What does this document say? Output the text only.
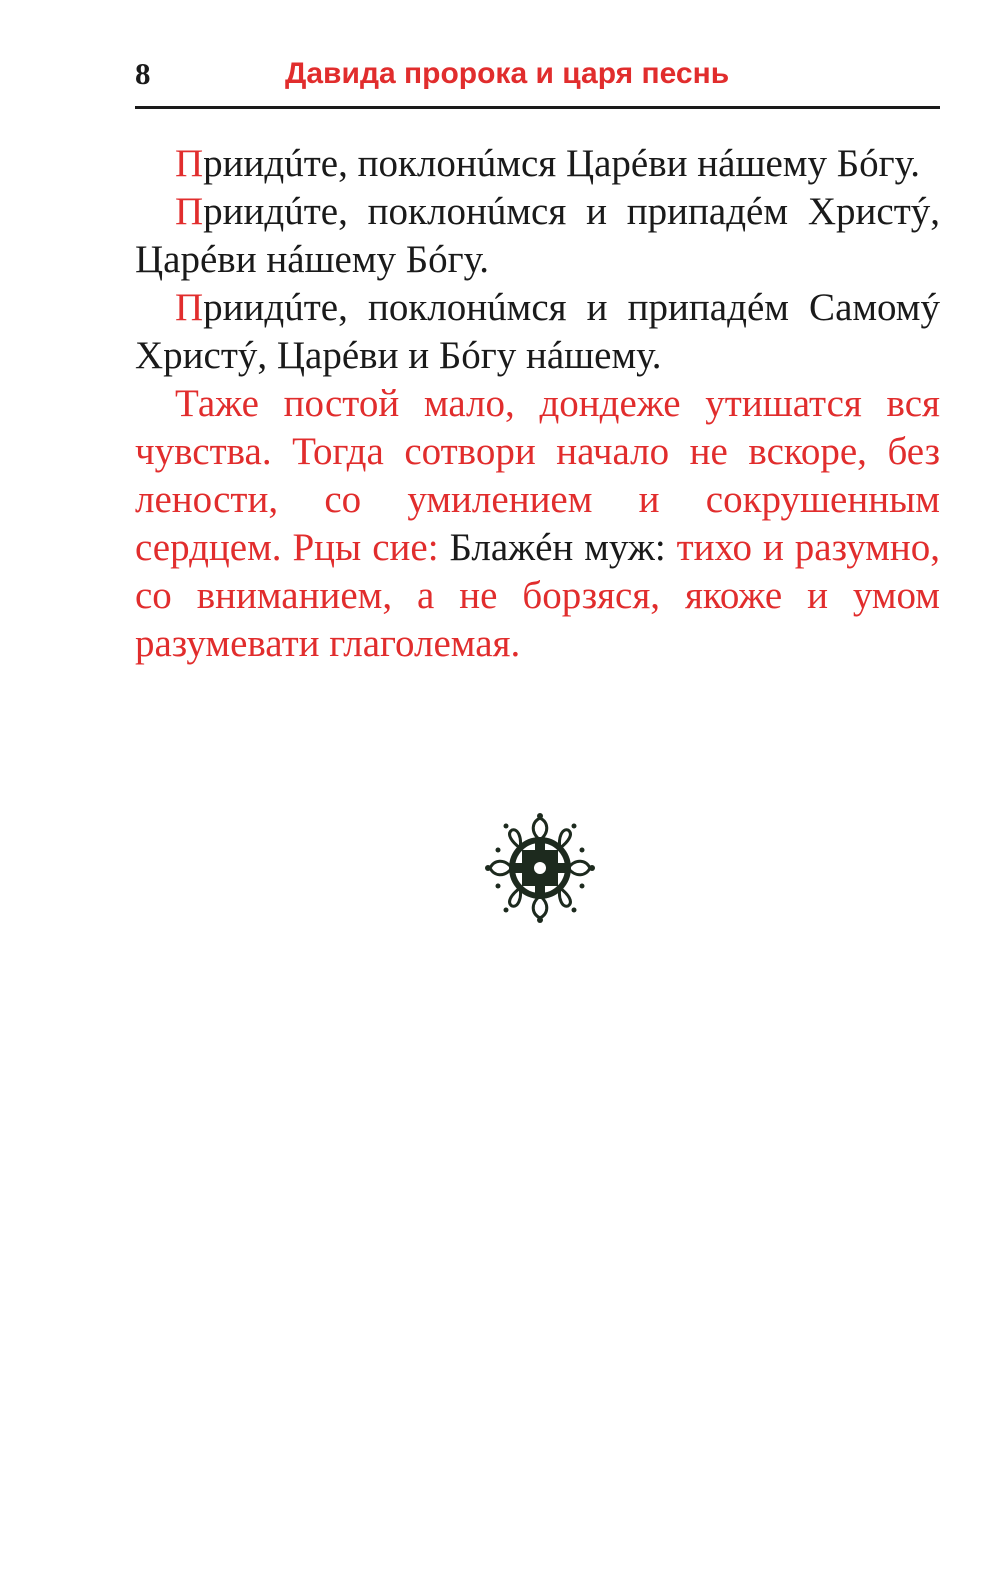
8	Давида пророка и царя песнь

Приидúте, поклонúмся Царéви нáшему Бóгу.

Приидúте, поклонúмся и припадéм Христý, Царéви нáшему Бóгу.

Приидúте, поклонúмся и припадéм Самомý Христý, Царéви и Бóгу нáшему.

Таже постой мало, дондеже утишатся вся чувства. Тогда сотвори начало не вскоре, без лености, со умилением и сокрушенным сердцем. Рцы сие: Блажéн муж: тихо и разумно, со вниманием, а не борзяся, якоже и умом разумевати глаголемая.
